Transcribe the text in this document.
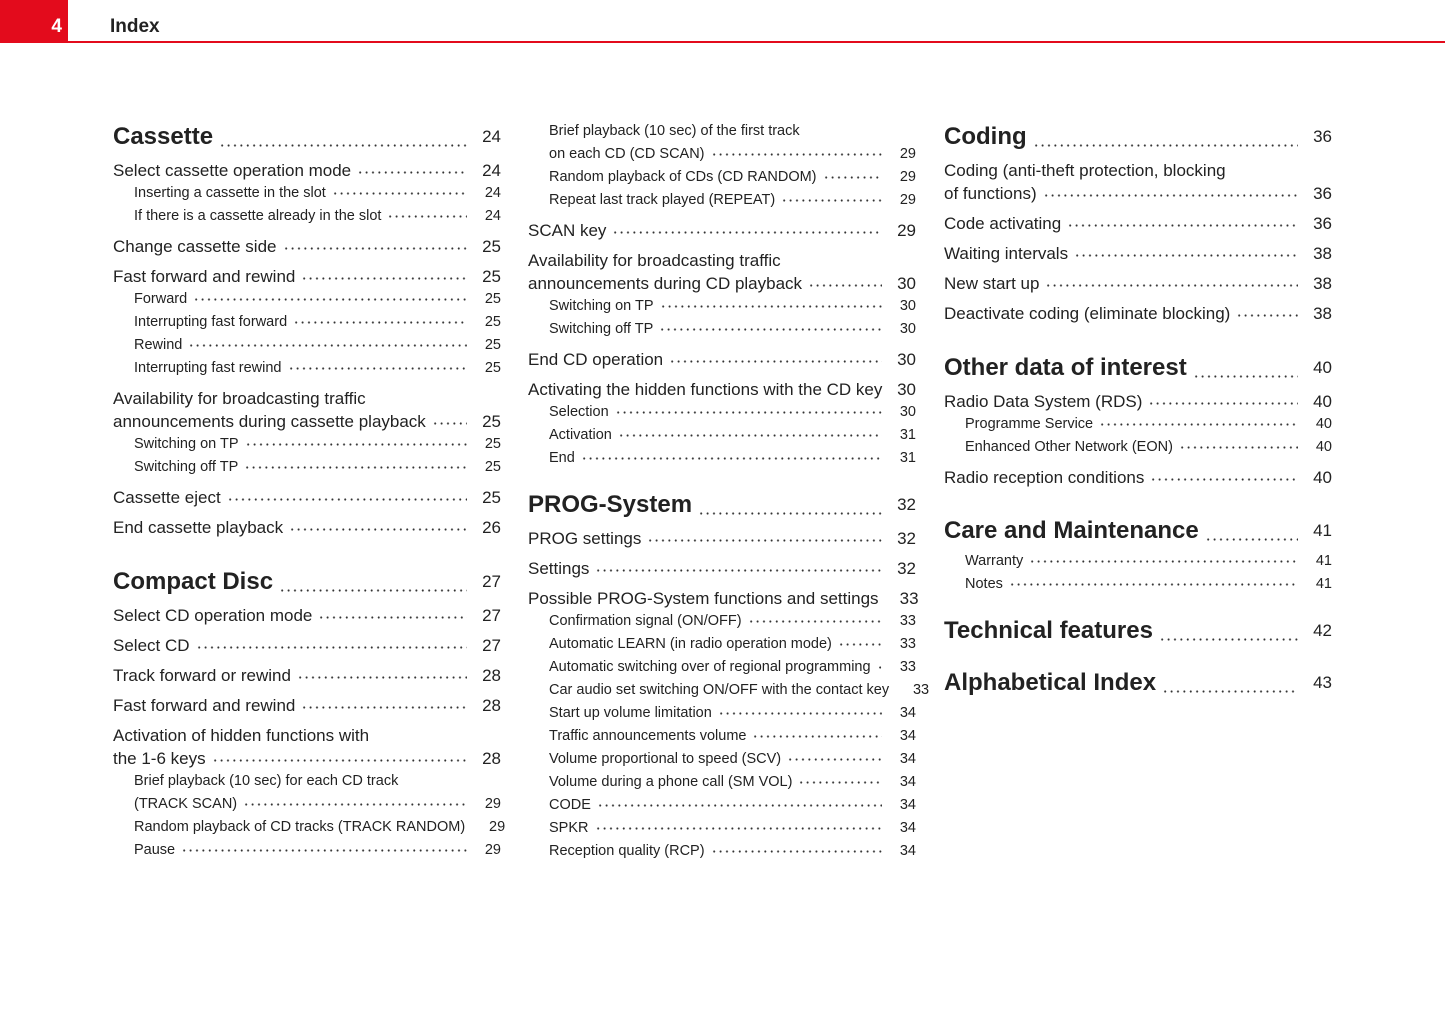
4	Index
Cassette	24
Select cassette operation mode	24
Inserting a cassette in the slot	24
If there is a cassette already in the slot	24
Change cassette side	25
Fast forward and rewind	25
Forward	25
Interrupting fast forward	25
Rewind	25
Interrupting fast rewind	25
Availability for broadcasting traffic
announcements during cassette playback	25
Switching on TP	25
Switching off TP	25
Cassette eject	25
End cassette playback	26
Compact Disc	27
Select CD operation mode	27
Select CD	27
Track forward or rewind	28
Fast forward and rewind	28
Activation of hidden functions with
the 1-6 keys	28
Brief playback (10 sec) for each CD track
(TRACK SCAN)	29
Random playback of CD tracks (TRACK RANDOM)	29
Pause	29
Brief playback (10 sec) of the first track
on each CD (CD SCAN)	29
Random playback of CDs (CD RANDOM)	29
Repeat last track played (REPEAT)	29
SCAN key	29
Availability for broadcasting traffic
announcements during CD playback	30
Switching on TP	30
Switching off TP	30
End CD operation	30
Activating the hidden functions with the CD key 30
Selection	30
Activation	31
End	31
PROG-System	32
PROG settings	32
Settings	32
Possible PROG-System functions and settings	33
Confirmation signal (ON/OFF)	33
Automatic LEARN (in radio operation mode)	33
Automatic switching over of regional programming	33
Car audio set switching ON/OFF with the contact key	33
Start up volume limitation	34
Traffic announcements volume	34
Volume proportional to speed (SCV)	34
Volume during a phone call (SM VOL)	34
CODE	34
SPKR	34
Reception quality (RCP)	34
Coding	36
Coding (anti-theft protection, blocking
of functions)	36
Code activating	36
Waiting intervals	38
New start up	38
Deactivate coding (eliminate blocking)	38
Other data of interest	40
Radio Data System (RDS)	40
Programme Service	40
Enhanced Other Network (EON)	40
Radio reception conditions	40
Care and Maintenance	41
Warranty	41
Notes	41
Technical features	42
Alphabetical Index	43
